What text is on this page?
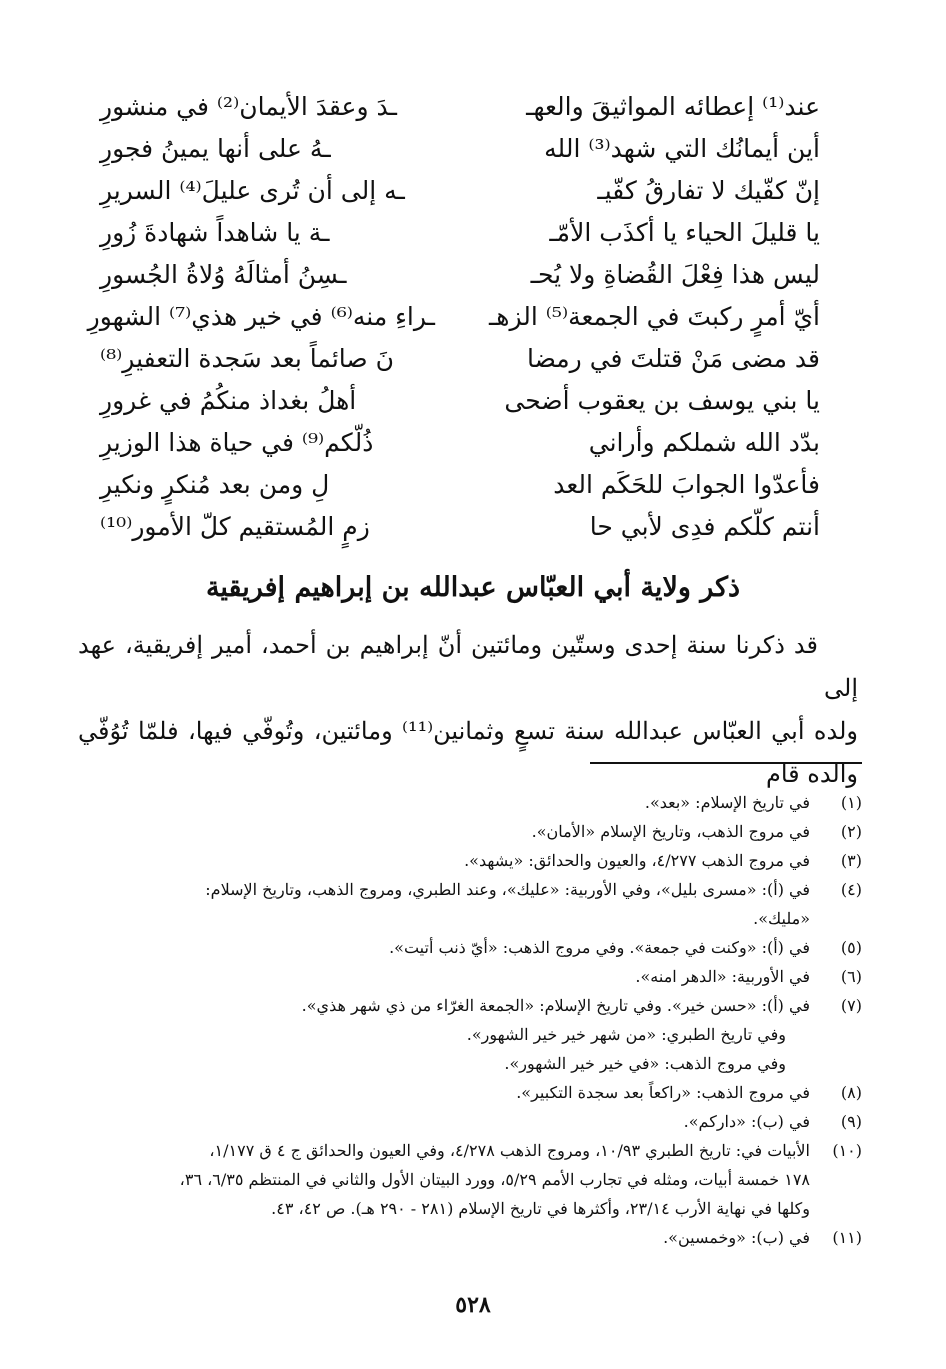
عند⁽¹⁾ إعطائه المواثيقَ والعهـ
ـدَ وعقدَ الأيمان⁽²⁾ في منشورِ
أين أيمانُك التي شهد⁽³⁾ الله
ـهُ على أنها يمينُ فجورِ
إنّ كفّيك لا تفارقُ كفّيـ
ـه إلى أن تُرى عليلَ⁽⁴⁾ السريرِ
يا قليلَ الحياء يا أكذَب الأمّـ
ـة يا شاهداً شهادةَ زُورِ
ليس هذا فِعْلَ القُضاةِ ولا يُحـ
ـسِنُ أمثالَهُ وُلاةُ الجُسورِ
أيّ أمرٍ ركبتَ في الجمعة⁽⁵⁾ الزهـ
ـراءِ منه⁽⁶⁾ في خير هذي⁽⁷⁾ الشهورِ
قد مضى مَنْ قتلتَ في رمضا
نَ صائماً بعد سَجدة التعفيرِ⁽⁸⁾
يا بني يوسف بن يعقوب أضحى
أهلُ بغداذ منكُمُ في غرورِ
بدّد الله شملكم وأراني
ذُلّكم⁽⁹⁾ في حياة هذا الوزيرِ
فأعدّوا الجوابَ للحَكَم العد
لِ ومن بعد مُنكرٍ ونكيرِ
أنتم كلّكم فدِى لأبي حا
زمٍ المُستقيم كلّ الأمور⁽¹⁰⁾
ذكر ولاية أبي العبّاس عبدالله بن إبراهيم إفريقية

قد ذكرنا سنة إحدى وستّين ومائتين أنّ إبراهيم بن أحمد، أمير إفريقية، عهد إلى

ولده أبي العبّاس عبدالله سنة تسعٍ وثمانين⁽¹¹⁾ ومائتين، وتُوفّي فيها، فلمّا تُوُفّي والده قام

(١)
في تاريخ الإسلام: «بعد».
(٢)
في مروج الذهب، وتاريخ الإسلام «الأمان».
(٣)
في مروج الذهب ٤/٢٧٧، والعيون والحدائق: «يشهد».
(٤)
في (أ): «مسرى بليل»، وفي الأوربية: «عليك»، وعند الطبري، ومروج الذهب، وتاريخ الإسلام:
«مليك».
(٥)
في (أ): «وكنت في جمعة». وفي مروج الذهب: «أيّ ذنب أتيت».
(٦)
في الأوربية: «الدهر امنه».
(٧)
في (أ): «حسن خير». وفي تاريخ الإسلام: «الجمعة الغرّاء من ذي شهر هذي».
وفي تاريخ الطبري: «من شهر خير خير الشهور».
وفي مروج الذهب: «في خير خير الشهور».
(٨)
في مروج الذهب: «راكعاً بعد سجدة التكبير».
(٩)
في (ب): «داركم».
(١٠)
الأبيات في: تاريخ الطبري ١٠/٩٣، ومروج الذهب ٤/٢٧٨، وفي العيون والحدائق ج ٤ ق ١/١٧٧،
١٧٨ خمسة أبيات، ومثله في تجارب الأمم ٥/٢٩، وورد البيتان الأول والثاني في المنتظم ٦/٣٥، ٣٦،
وكلها في نهاية الأرب ٢٣/١٤، وأكثرها في تاريخ الإسلام (٢٨١ - ٢٩٠ هـ). ص ٤٢، ٤٣.
(١١)
في (ب): «وخمسين».
٥٢٨
